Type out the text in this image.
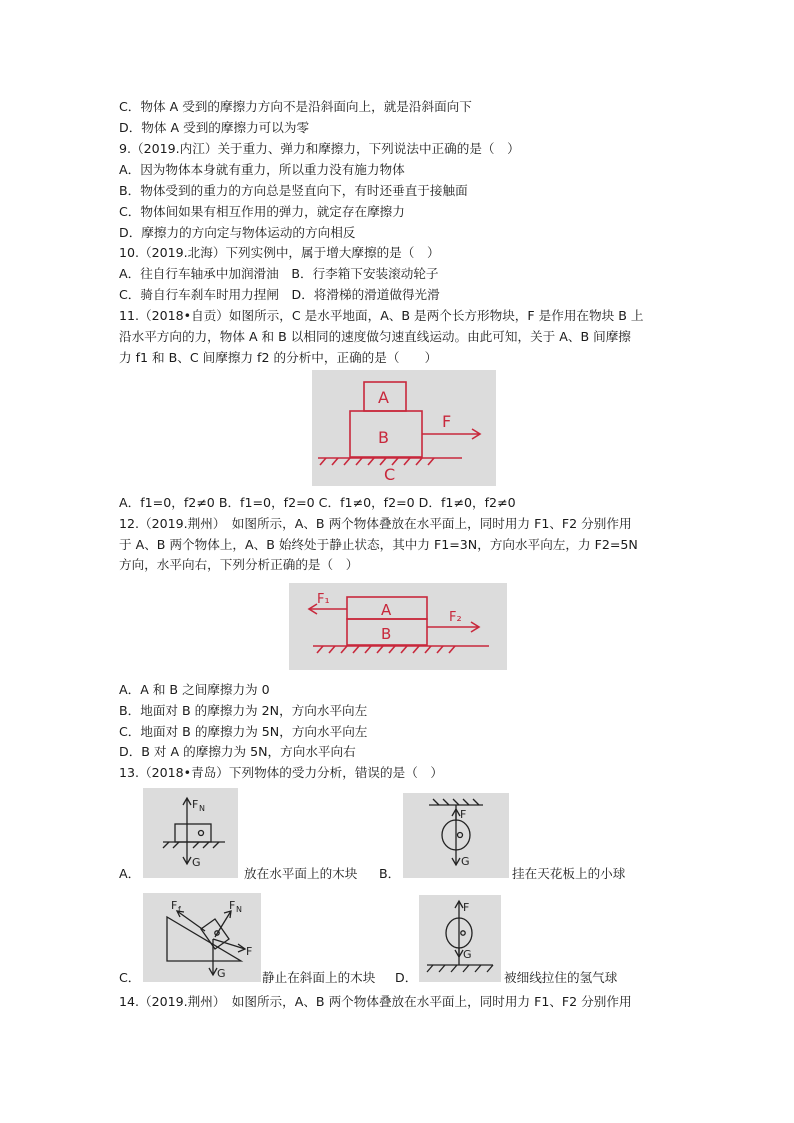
C．物体 A 受到的摩擦力方向不是沿斜面向上，就是沿斜面向下
D．物体 A 受到的摩擦力可以为零
9.（2019.内江）关于重力、弹力和摩擦力，下列说法中正确的是（　）
A．因为物体本身就有重力，所以重力没有施力物体
B．物体受到的重力的方向总是竖直向下，有时还垂直于接触面
C．物体间如果有相互作用的弹力，就定存在摩擦力
D．摩擦力的方向定与物体运动的方向相反
10.（2019.北海）下列实例中，属于增大摩擦的是（　）
A．往自行车轴承中加润滑油　B．行李箱下安装滚动轮子
C．骑自行车刹车时用力捏闸　D．将滑梯的滑道做得光滑
11.（2018•自贡）如图所示，C 是水平地面，A、B 是两个长方形物块，F 是作用在物块 B 上
沿水平方向的力，物体 A 和 B 以相同的速度做匀速直线运动。由此可知，关于 A、B 间摩擦
力 f1 和 B、C 间摩擦力 f2 的分析中，正确的是（　　）
A
B
C
F
A．f1=0，f2≠0 B．f1=0，f2=0 C．f1≠0，f2=0 D．f1≠0，f2≠0
12.（2019.荆州）　如图所示，A、B 两个物体叠放在水平面上，同时用力 F1、F2 分别作用
于 A、B 两个物体上，A、B 始终处于静止状态，其中力 F1=3N，方向水平向左，力 F2=5N
方向，水平向右，下列分析正确的是（　）
A
B
F₁
F₂
A．A 和 B 之间摩擦力为 0
B．地面对 B 的摩擦力为 2N，方向水平向左
C．地面对 B 的摩擦力为 5N，方向水平向左
D．B 对 A 的摩擦力为 5N，方向水平向右
13.（2018•青岛）下列物体的受力分析，错误的是（　）
A．
F N
G
放在水平面上的木块 B．
F
G
挂在天花板上的小球
C．
F f	F N
F
G	静止在斜面上的木块 D．
F
G
被细线拉住的氢气球
14.（2019.荆州）　如图所示，A、B 两个物体叠放在水平面上，同时用力 F1、F2 分别作用
